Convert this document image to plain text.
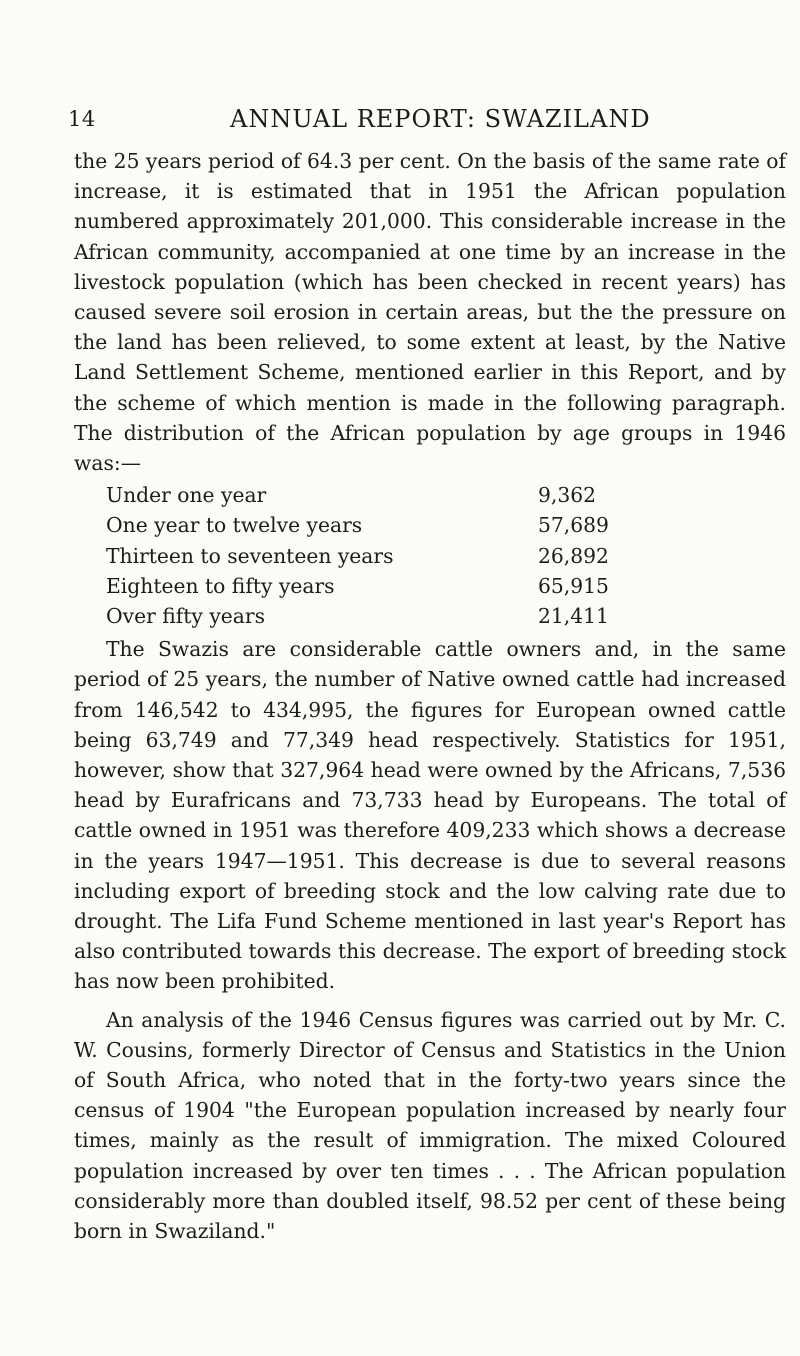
14	ANNUAL REPORT: SWAZILAND

the 25 years period of 64.3 per cent. On the basis of the same rate of increase, it is estimated that in 1951 the African population numbered approximately 201,000. This considerable increase in the African community, accompanied at one time by an increase in the livestock population (which has been checked in recent years) has caused severe soil erosion in certain areas, but the the pressure on the land has been relieved, to some extent at least, by the Native Land Settlement Scheme, mentioned earlier in this Report, and by the scheme of which mention is made in the following paragraph. The distribution of the African population by age groups in 1946 was:—

Under one year	9,362
One year to twelve years	57,689
Thirteen to seventeen years	26,892
Eighteen to fifty years	65,915
Over fifty years	21,411

The Swazis are considerable cattle owners and, in the same period of 25 years, the number of Native owned cattle had increased from 146,542 to 434,995, the figures for European owned cattle being 63,749 and 77,349 head respectively. Statistics for 1951, however, show that 327,964 head were owned by the Africans, 7,536 head by Eurafricans and 73,733 head by Europeans. The total of cattle owned in 1951 was therefore 409,233 which shows a decrease in the years 1947—1951. This decrease is due to several reasons including export of breeding stock and the low calving rate due to drought. The Lifa Fund Scheme mentioned in last year's Report has also contributed towards this decrease. The export of breeding stock has now been prohibited.

An analysis of the 1946 Census figures was carried out by Mr. C. W. Cousins, formerly Director of Census and Statistics in the Union of South Africa, who noted that in the forty-two years since the census of 1904 "the European population increased by nearly four times, mainly as the result of immigration. The mixed Coloured population increased by over ten times . . . The African population considerably more than doubled itself, 98.52 per cent of these being born in Swaziland."
